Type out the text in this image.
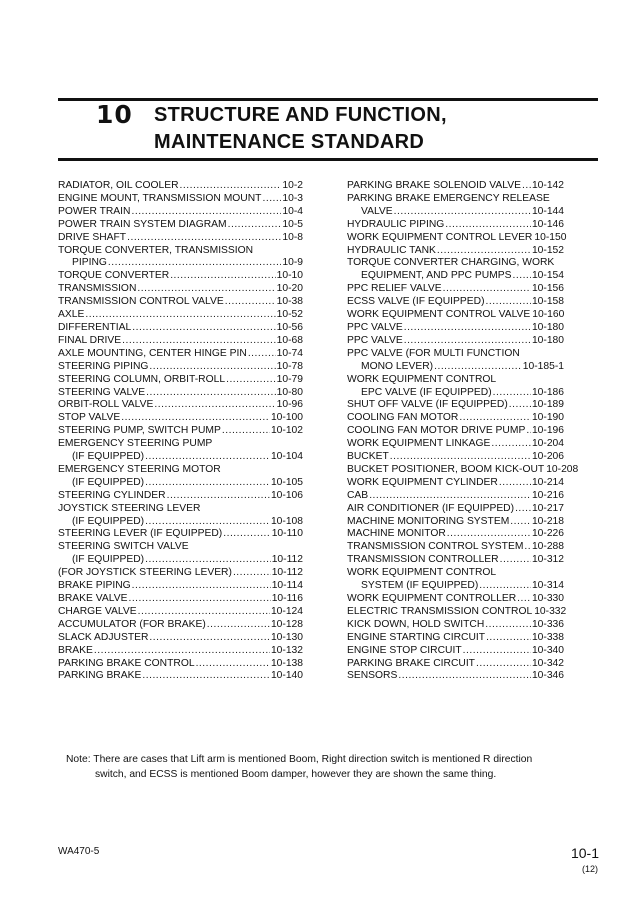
10 STRUCTURE AND FUNCTION,
MAINTENANCE STANDARD
RADIATOR, OIL COOLER .....	10-2
ENGINE MOUNT, TRANSMISSION MOUNT ..... 10-3
POWER TRAIN .....	10-4
POWER TRAIN SYSTEM DIAGRAM .....	10-5
DRIVE SHAFT .....	10-8
TORQUE CONVERTER, TRANSMISSION
PIPING .....	10-9
TORQUE CONVERTER .....	10-10
TRANSMISSION .....	10-20
TRANSMISSION CONTROL VALVE .....	10-38
AXLE .....	10-52
DIFFERENTIAL .....	10-56
FINAL DRIVE .....	10-68
AXLE MOUNTING, CENTER HINGE PIN .....	10-74
STEERING PIPING .....	10-78
STEERING COLUMN, ORBIT-ROLL .....	10-79
STEERING VALVE .....	10-80
ORBIT-ROLL VALVE .....	10-96
STOP VALVE .....	10-100
STEERING PUMP, SWITCH PUMP .....	10-102
EMERGENCY STEERING PUMP
(IF EQUIPPED) .....	10-104
EMERGENCY STEERING MOTOR
(IF EQUIPPED) .....	10-105
STEERING CYLINDER .....	10-106
JOYSTICK STEERING LEVER
(IF EQUIPPED) .....	10-108
STEERING LEVER (IF EQUIPPED) .....	10-110
STEERING SWITCH VALVE
(IF EQUIPPED) .....	10-112
(FOR JOYSTICK STEERING LEVER) .....	10-112
BRAKE PIPING .....	10-114
BRAKE VALVE .....	10-116
CHARGE VALVE .....	10-124
ACCUMULATOR (FOR BRAKE) .....	10-128
SLACK ADJUSTER .....	10-130
BRAKE .....	10-132
PARKING BRAKE CONTROL .....	10-138
PARKING BRAKE .....	10-140
PARKING BRAKE SOLENOID VALVE ..... 10-142
PARKING BRAKE EMERGENCY RELEASE
VALVE .....	10-144
HYDRAULIC PIPING .....	10-146
WORK EQUIPMENT CONTROL LEVER 10-150
HYDRAULIC TANK .....	10-152
TORQUE CONVERTER CHARGING, WORK
EQUIPMENT, AND PPC PUMPS ..... 10-154
PPC RELIEF VALVE .....	10-156
ECSS VALVE (IF EQUIPPED) .....	10-158
WORK EQUIPMENT CONTROL VALVE 10-160
PPC VALVE .....	10-180
PPC VALVE .....	10-180
PPC VALVE (FOR MULTI FUNCTION
MONO LEVER) .....	10-185-1
WORK EQUIPMENT CONTROL
EPC VALVE (IF EQUIPPED) .....	10-186
SHUT OFF VALVE (IF EQUIPPED) ..... 10-189
COOLING FAN MOTOR .....	10-190
COOLING FAN MOTOR DRIVE PUMP ..... 10-196
WORK EQUIPMENT LINKAGE .....	10-204
BUCKET .....	10-206
BUCKET POSITIONER, BOOM KICK-OUT 10-208
WORK EQUIPMENT CYLINDER .....	10-214
CAB .....	10-216
AIR CONDITIONER (IF EQUIPPED) ..... 10-217
MACHINE MONITORING SYSTEM ..... 10-218
MACHINE MONITOR .....	10-226
TRANSMISSION CONTROL SYSTEM ..... 10-288
TRANSMISSION CONTROLLER .....	10-312
WORK EQUIPMENT CONTROL
SYSTEM (IF EQUIPPED) .....	10-314
WORK EQUIPMENT CONTROLLER ..... 10-330
ELECTRIC TRANSMISSION CONTROL 10-332
KICK DOWN, HOLD SWITCH .....	10-336
ENGINE STARTING CIRCUIT .....	10-338
ENGINE STOP CIRCUIT .....	10-340
PARKING BRAKE CIRCUIT .....	10-342
SENSORS .....	10-346
Note: There are cases that Lift arm is mentioned Boom, Right direction switch is mentioned R direction
switch, and ECSS is mentioned Boom damper, however they are shown the same thing.
WA470-5	10-1
(12)
